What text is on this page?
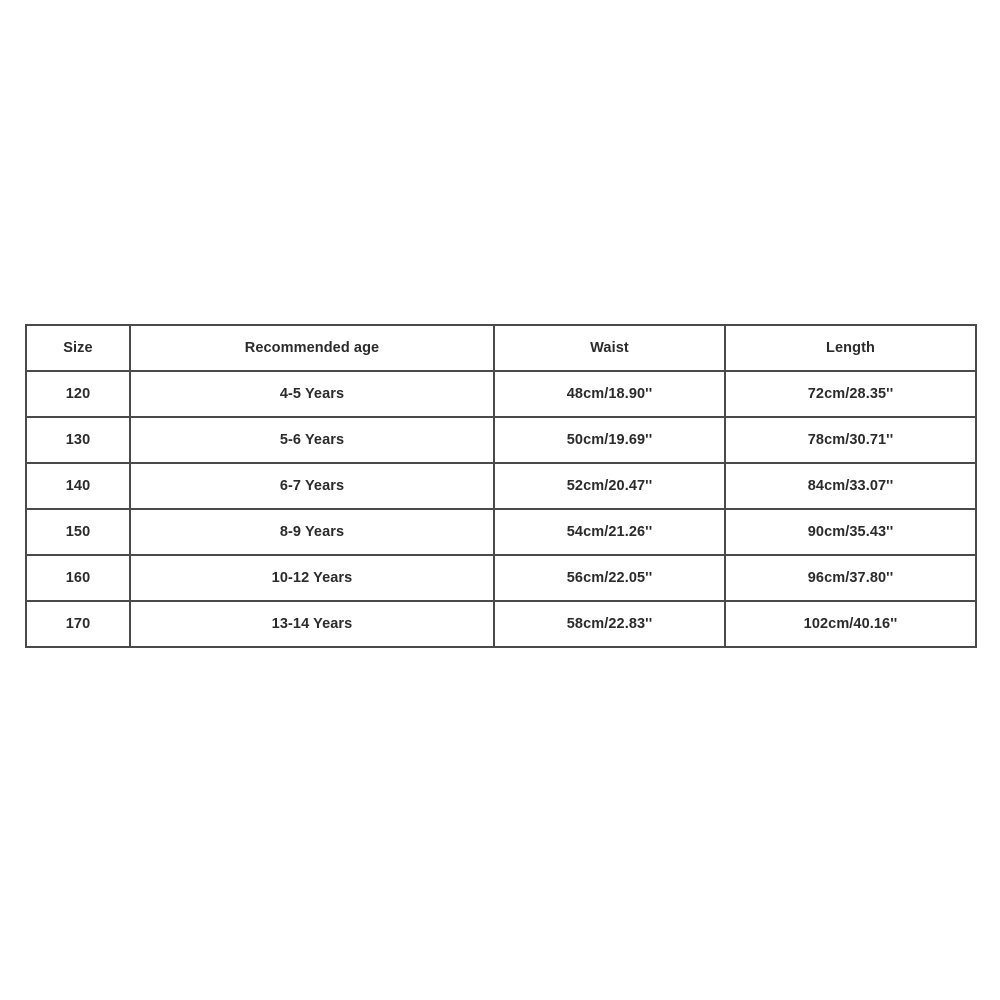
Size	Recommended age	Waist	Length
120	4-5 Years	48cm/18.90''	72cm/28.35''
130	5-6 Years	50cm/19.69''	78cm/30.71''
140	6-7 Years	52cm/20.47''	84cm/33.07''
150	8-9 Years	54cm/21.26''	90cm/35.43''
160	10-12 Years	56cm/22.05''	96cm/37.80''
170	13-14 Years	58cm/22.83''	102cm/40.16''
